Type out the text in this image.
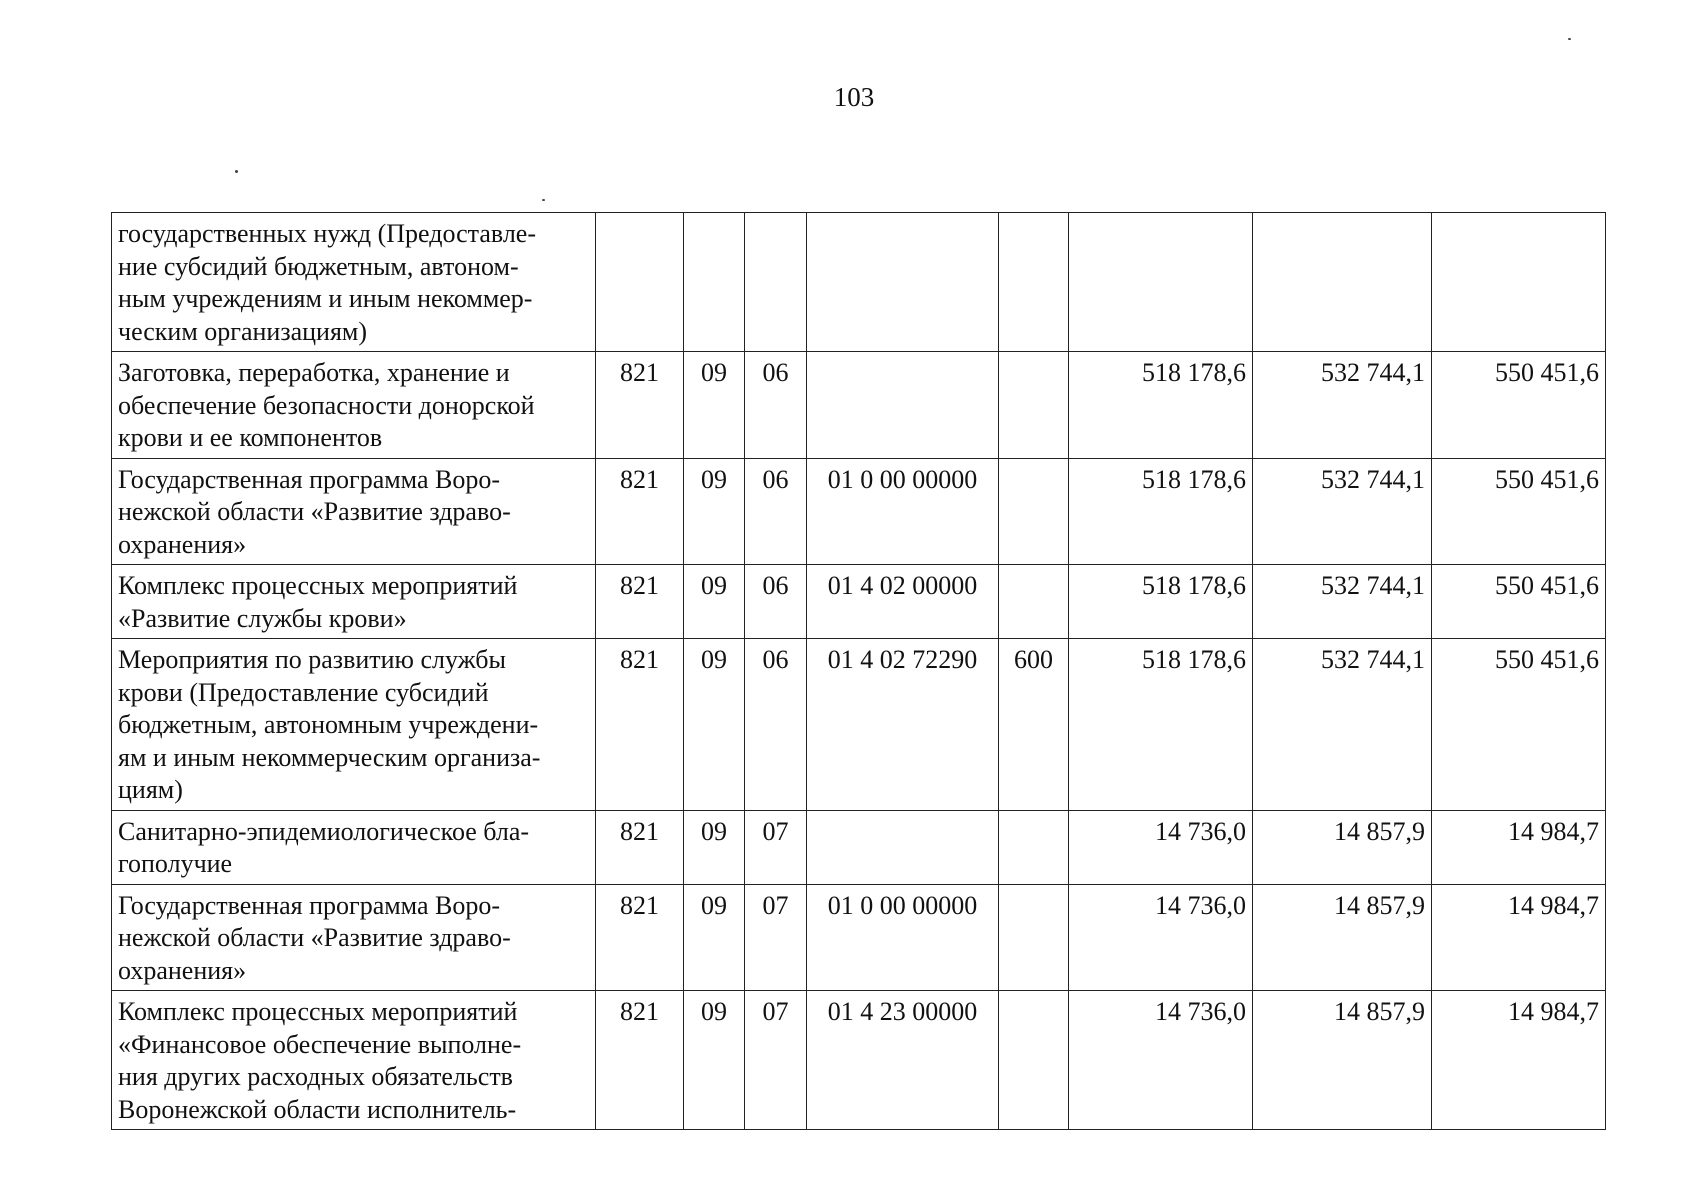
103
государственных нужд (Предоставле-
ние субсидий бюджетным, автоном-
ным учреждениям и иным некоммер-
ческим организациям)								

Заготовка, переработка, хранение и
обеспечение безопасности донорской
крови и ее компонентов	821	09	06			518 178,6	532 744,1	550 451,6

Государственная программа Воро-
нежской области «Развитие здраво-
охранения»	821	09	06	01 0 00 00000		518 178,6	532 744,1	550 451,6

Комплекс процессных мероприятий
«Развитие службы крови»	821	09	06	01 4 02 00000		518 178,6	532 744,1	550 451,6

Мероприятия по развитию службы
крови (Предоставление субсидий
бюджетным, автономным учреждени-
ям и иным некоммерческим организа-
циям)	821	09	06	01 4 02 72290	600	518 178,6	532 744,1	550 451,6

Санитарно-эпидемиологическое бла-
гополучие	821	09	07			14 736,0	14 857,9	14 984,7

Государственная программа Воро-
нежской области «Развитие здраво-
охранения»	821	09	07	01 0 00 00000		14 736,0	14 857,9	14 984,7

Комплекс процессных мероприятий
«Финансовое обеспечение выполне-
ния других расходных обязательств
Воронежской области исполнитель-	821	09	07	01 4 23 00000		14 736,0	14 857,9	14 984,7
